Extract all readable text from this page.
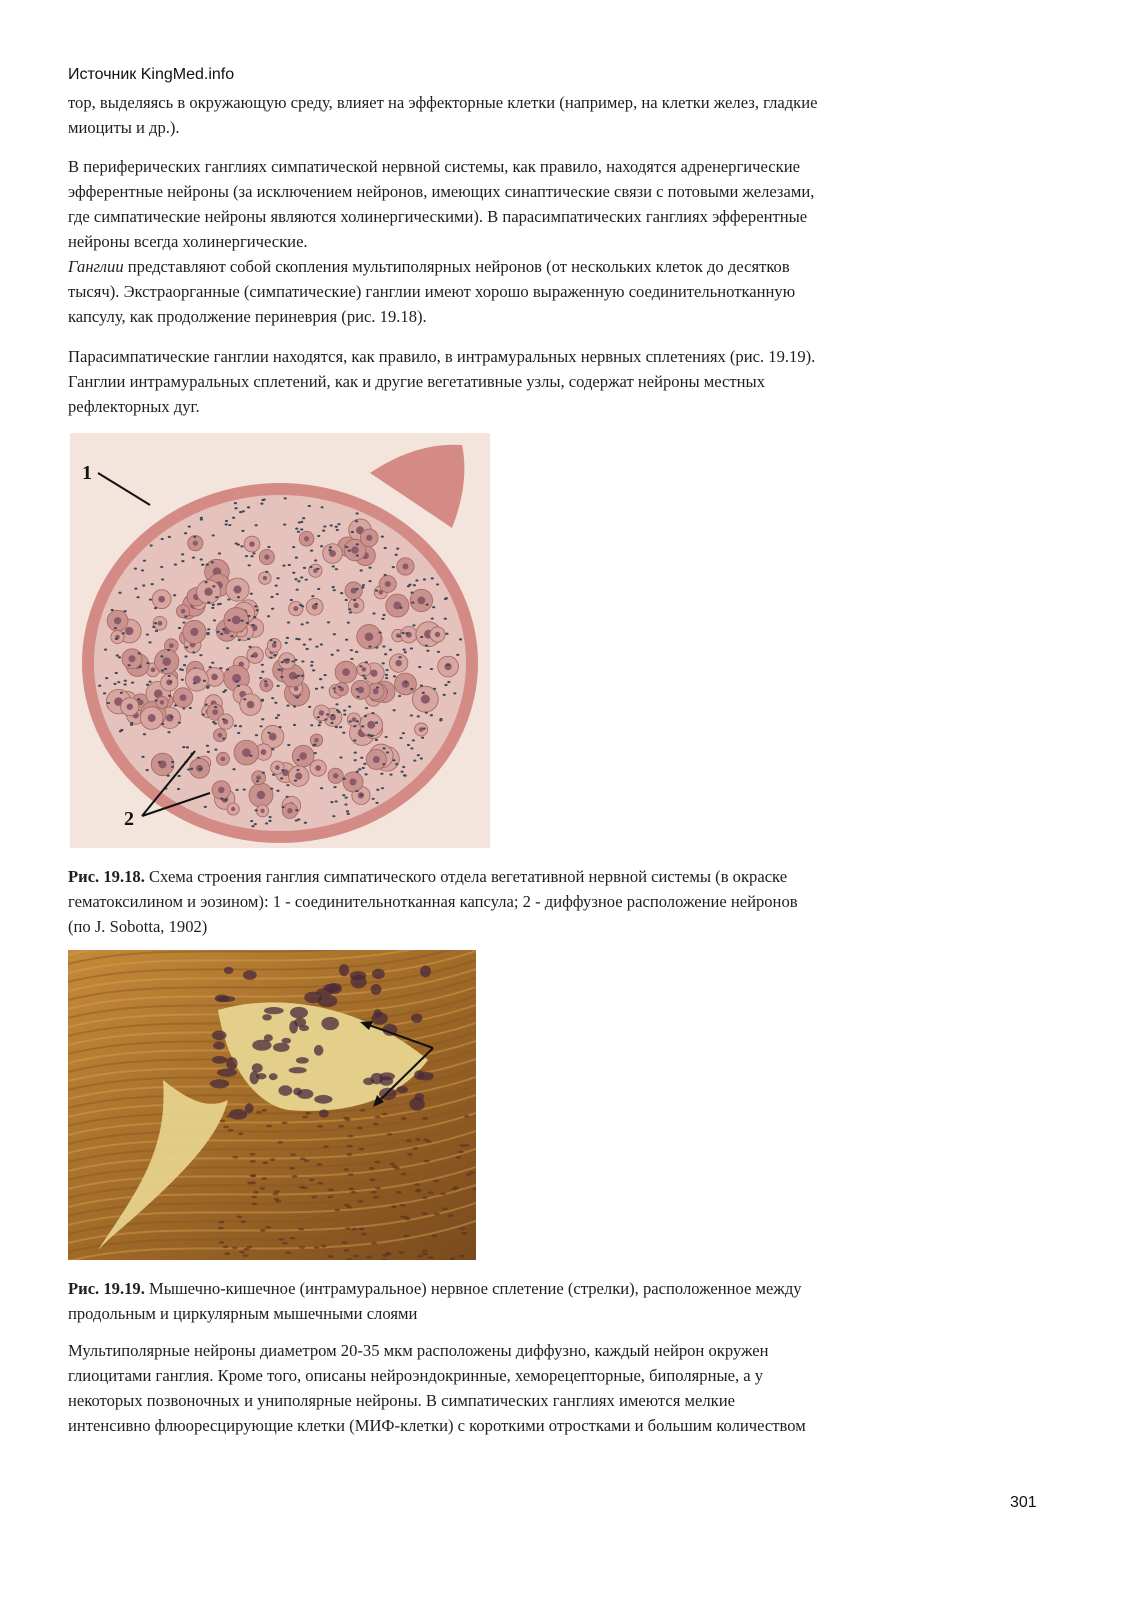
Источник KingMed.info

тор, выделяясь в окружающую среду, влияет на эффекторные клетки (например, на клетки желез, гладкие
миоциты и др.).

В периферических ганглиях симпатической нервной системы, как правило, находятся адренергические
эфферентные нейроны (за исключением нейронов, имеющих синаптические связи с потовыми железами,
где симпатические нейроны являются холинергическими). В парасимпатических ганглиях эфферентные
нейроны всегда холинергические.

Ганглии представляют собой скопления мультиполярных нейронов (от нескольких клеток до десятков
тысяч). Экстраорганные (симпатические) ганглии имеют хорошо выраженную соединительнотканную
капсулу, как продолжение периневрия (рис. 19.18).

Парасимпатические ганглии находятся, как правило, в интрамуральных нервных сплетениях (рис. 19.19).
Ганглии интрамуральных сплетений, как и другие вегетативные узлы, содержат нейроны местных
рефлекторных дуг.

1
2

Рис. 19.18. Схема строения ганглия симпатического отдела вегетативной нервной системы (в окраске
гематоксилином и эозином): 1 - соединительнотканная капсула; 2 - диффузное расположение нейронов
(по J. Sobotta, 1902)

Рис. 19.19. Мышечно-кишечное (интрамуральное) нервное сплетение (стрелки), расположенное между
продольным и циркулярным мышечными слоями

Мультиполярные нейроны диаметром 20-35 мкм расположены диффузно, каждый нейрон окружен
глиоцитами ганглия. Кроме того, описаны нейроэндокринные, хеморецепторные, биполярные, а у
некоторых позвоночных и униполярные нейроны. В симпатических ганглиях имеются мелкие
интенсивно флюоресцирующие клетки (МИФ-клетки) с короткими отростками и большим количеством

301
